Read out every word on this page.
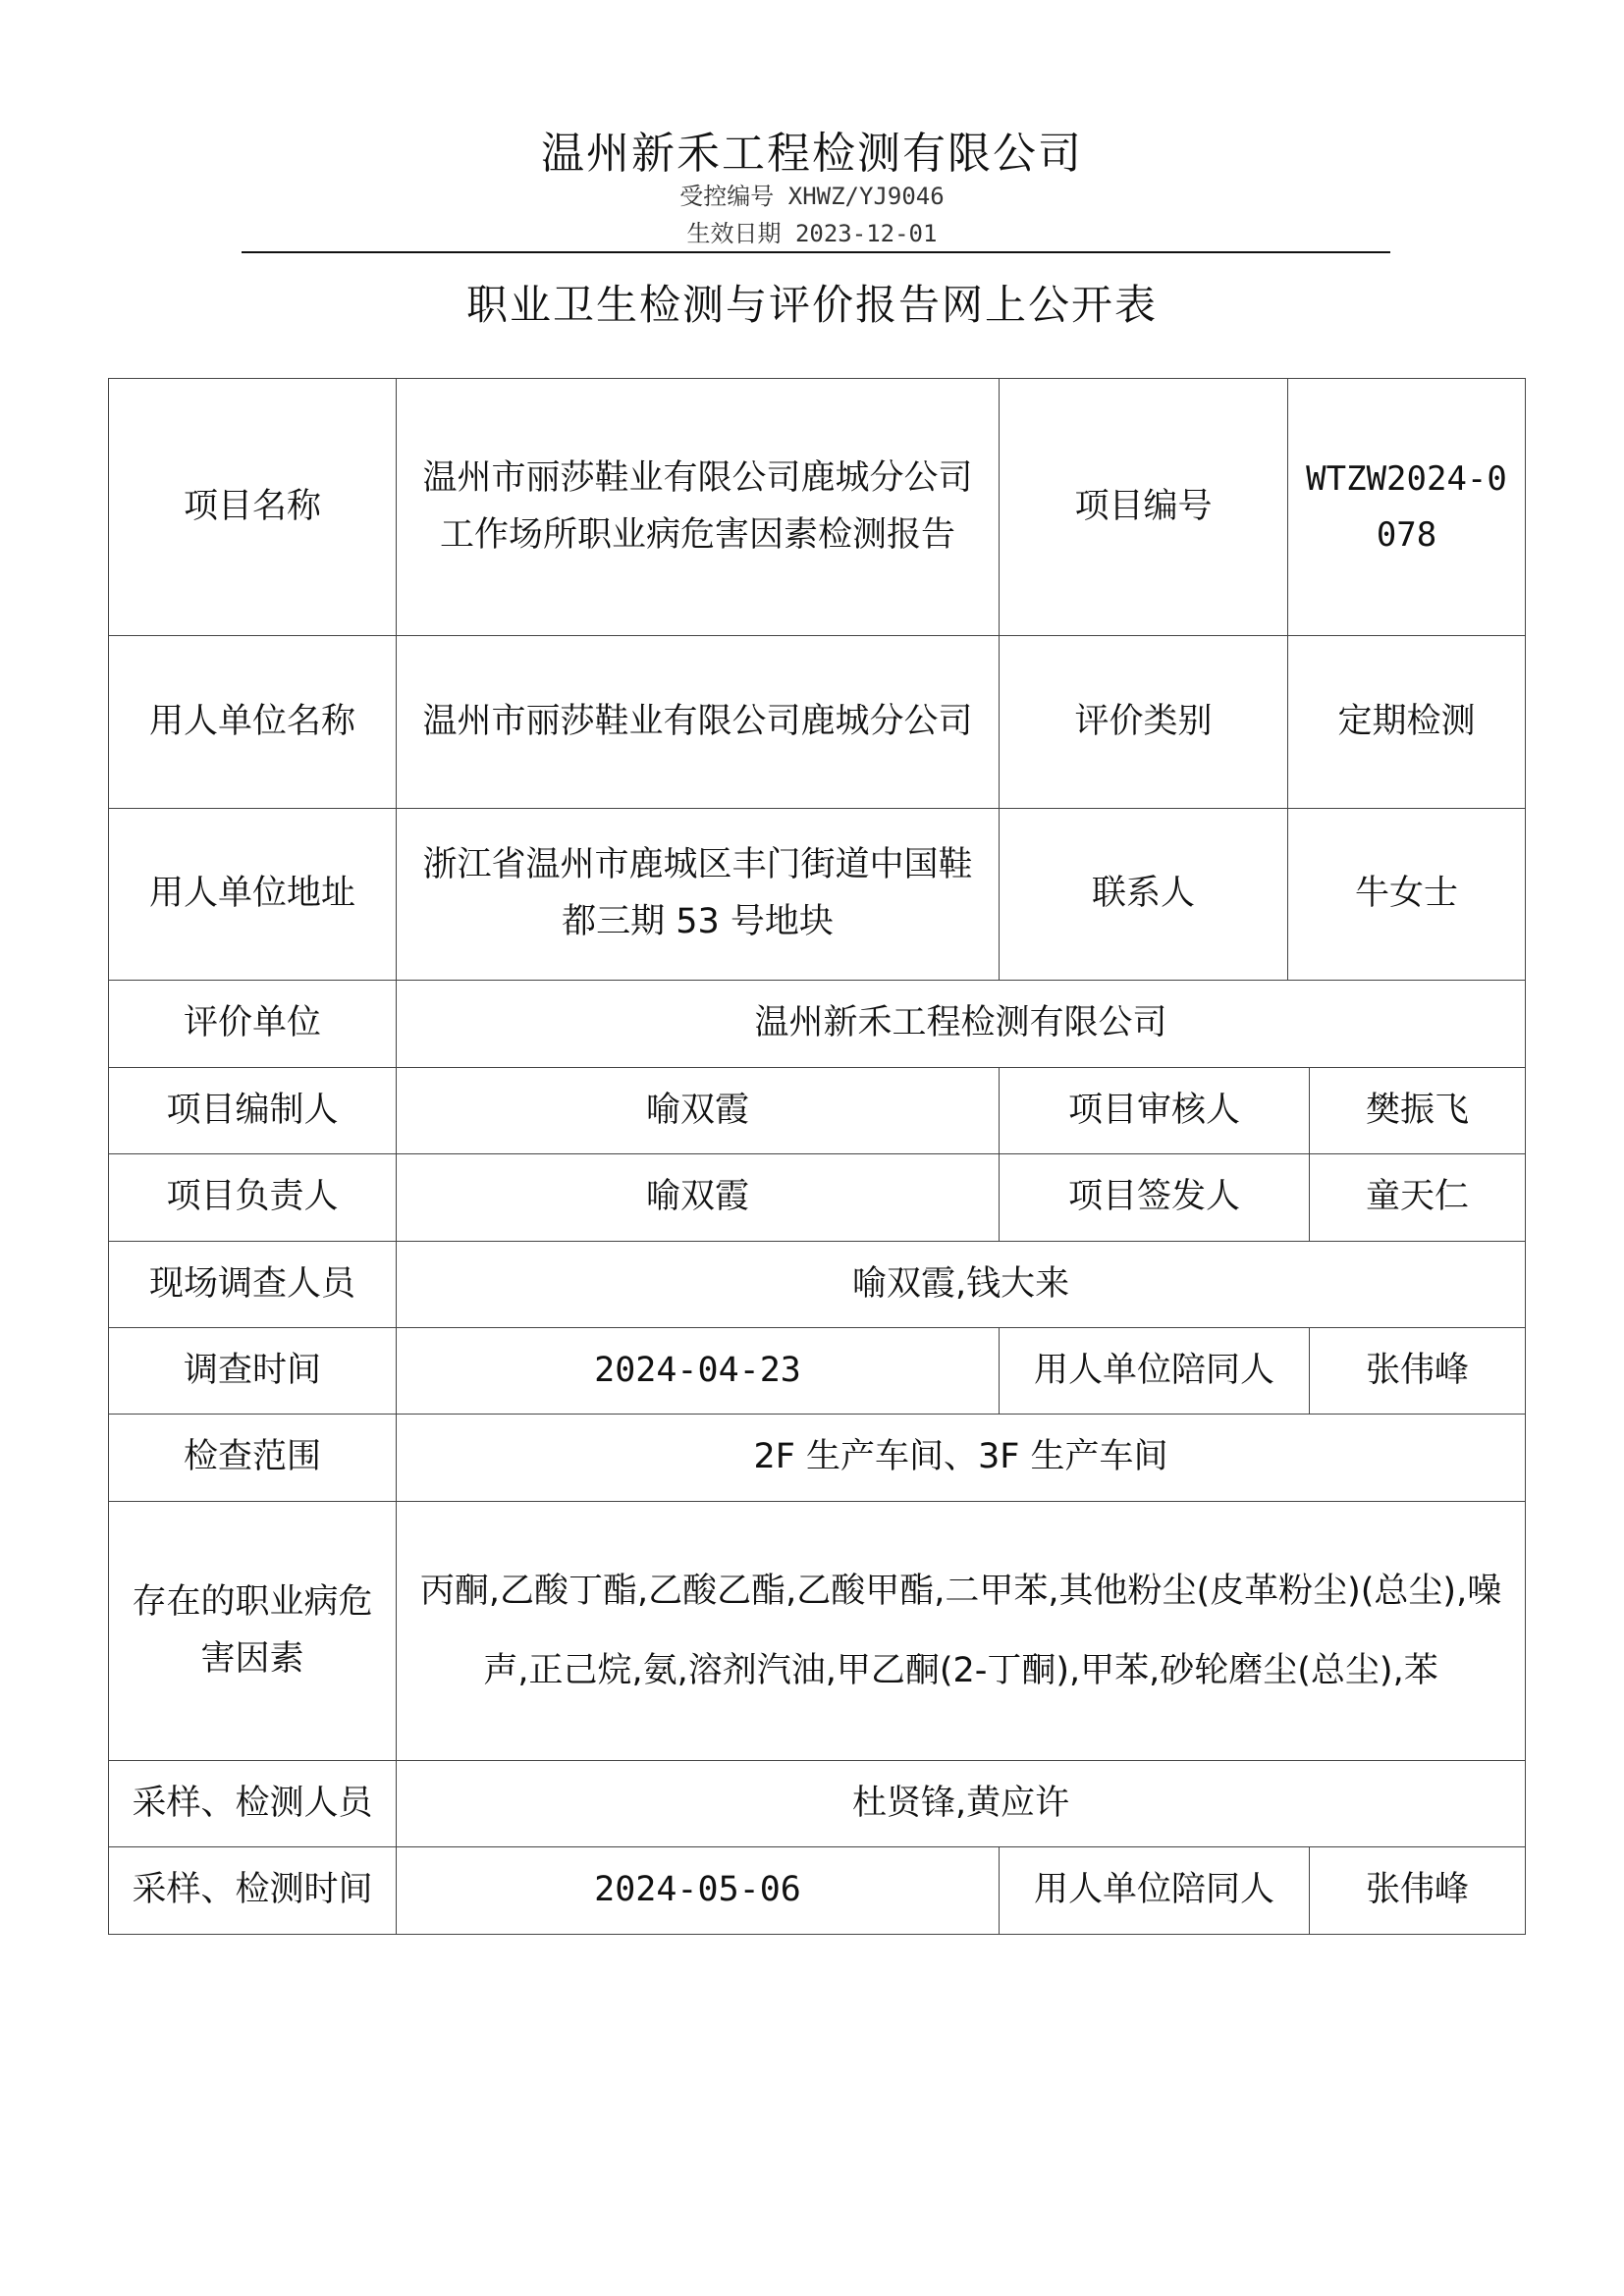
温州新禾工程检测有限公司
受控编号 XHWZ/YJ9046
生效日期 2023-12-01
职业卫生检测与评价报告网上公开表
项目名称	温州市丽莎鞋业有限公司鹿城分公司工作场所职业病危害因素检测报告	项目编号	WTZW2024-0078	
用人单位名称	温州市丽莎鞋业有限公司鹿城分公司	评价类别	定期检测	
用人单位地址	浙江省温州市鹿城区丰门街道中国鞋都三期 53 号地块	联系人	牛女士	
评价单位	温州新禾工程检测有限公司			
项目编制人	喻双霞	项目审核人		樊振飞
项目负责人	喻双霞	项目签发人		童天仁
现场调查人员	喻双霞,钱大来			
调查时间	2024-04-23	用人单位陪同人		张伟峰
检查范围	2F 生产车间、3F 生产车间			
存在的职业病危害因素	丙酮,乙酸丁酯,乙酸乙酯,乙酸甲酯,二甲苯,其他粉尘(皮革粉尘)(总尘),噪声,正己烷,氨,溶剂汽油,甲乙酮(2-丁酮),甲苯,砂轮磨尘(总尘),苯			
采样、检测人员	杜贤锋,黄应许			
采样、检测时间	2024-05-06	用人单位陪同人		张伟峰
